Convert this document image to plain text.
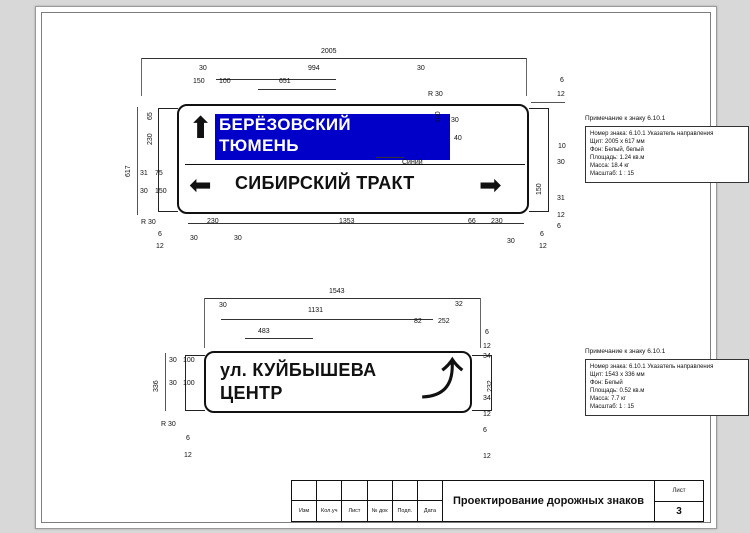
2005
994
30	30
150 100	651
R 30
6
12
⬆ БЕРЁЗОВСКИЙ
ТЮМЕНЬ
⬅ СИБИРСКИЙ ТРАКТ ➡
30
100
40
Синий
617
65
230
31 75
30 150
10
30
150
31
12
6
R 30	230	1353	66 230
6
12
30	30	30
6
12
Примечание к знаку 6.10.1
Номер знака: 6.10.1 Указатель направления
Щит: 2005 x 617 мм
Фон: Белый, белый
Площадь: 1.24 кв.м
Масса: 18.4 кг
Масштаб: 1 : 15
1543
1131
30	32
82 252
483	6
12
34
ул. КУЙБЫШЕВА
ЦЕНТР	⤴
336
30 100
30 100	232
34
12
6
12
R 30
6
12
Примечание к знаку 6.10.1
Номер знака: 6.10.1 Указатель направления
Щит: 1543 x 336 мм
Фон: Белый
Площадь: 0.52 кв.м
Масса: 7.7 кг
Масштаб: 1 : 15
Изм	Кол.уч	Лист	№ док	Подп.	Дата
Проектирование дорожных знаков
Лист
3
